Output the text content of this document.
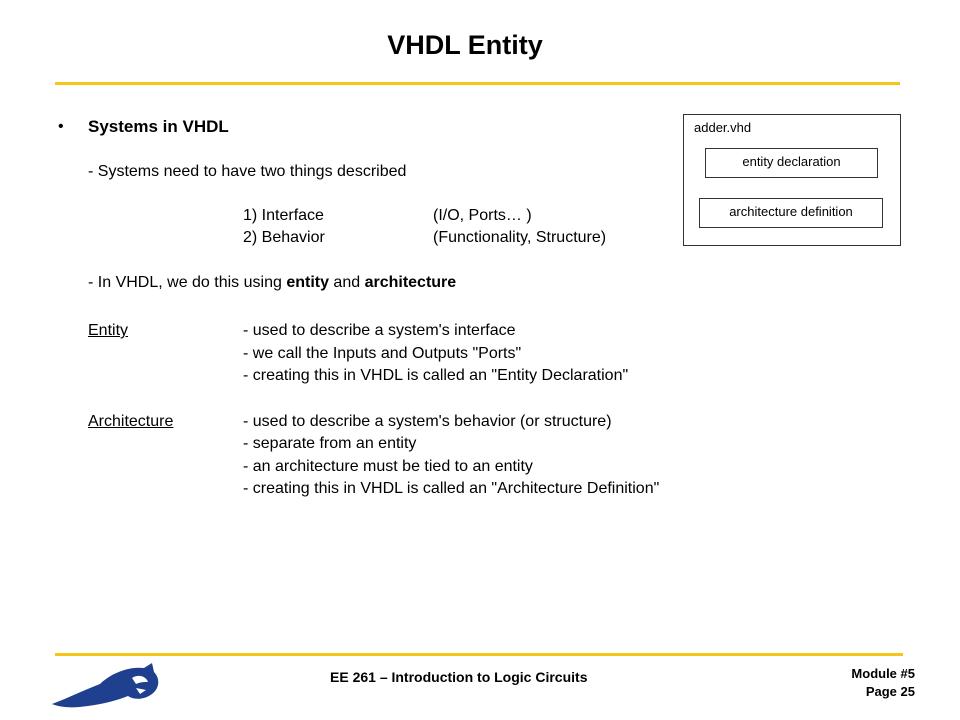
VHDL Entity
• Systems in VHDL
- Systems need to have two things described
1) Interface	(I/O, Ports… )
2) Behavior	(Functionality, Structure)
- In VHDL, we do this using entity and architecture
Entity	- used to describe a system's interface
- we call the Inputs and Outputs "Ports"
- creating this in VHDL is called an "Entity Declaration"
Architecture	- used to describe a system's behavior (or structure)
- separate from an entity
- an architecture must be tied to an entity
- creating this in VHDL is called an "Architecture Definition"
adder.vhd
entity declaration
architecture definition
EE 261 – Introduction to Logic Circuits	Module #5
Page 25
